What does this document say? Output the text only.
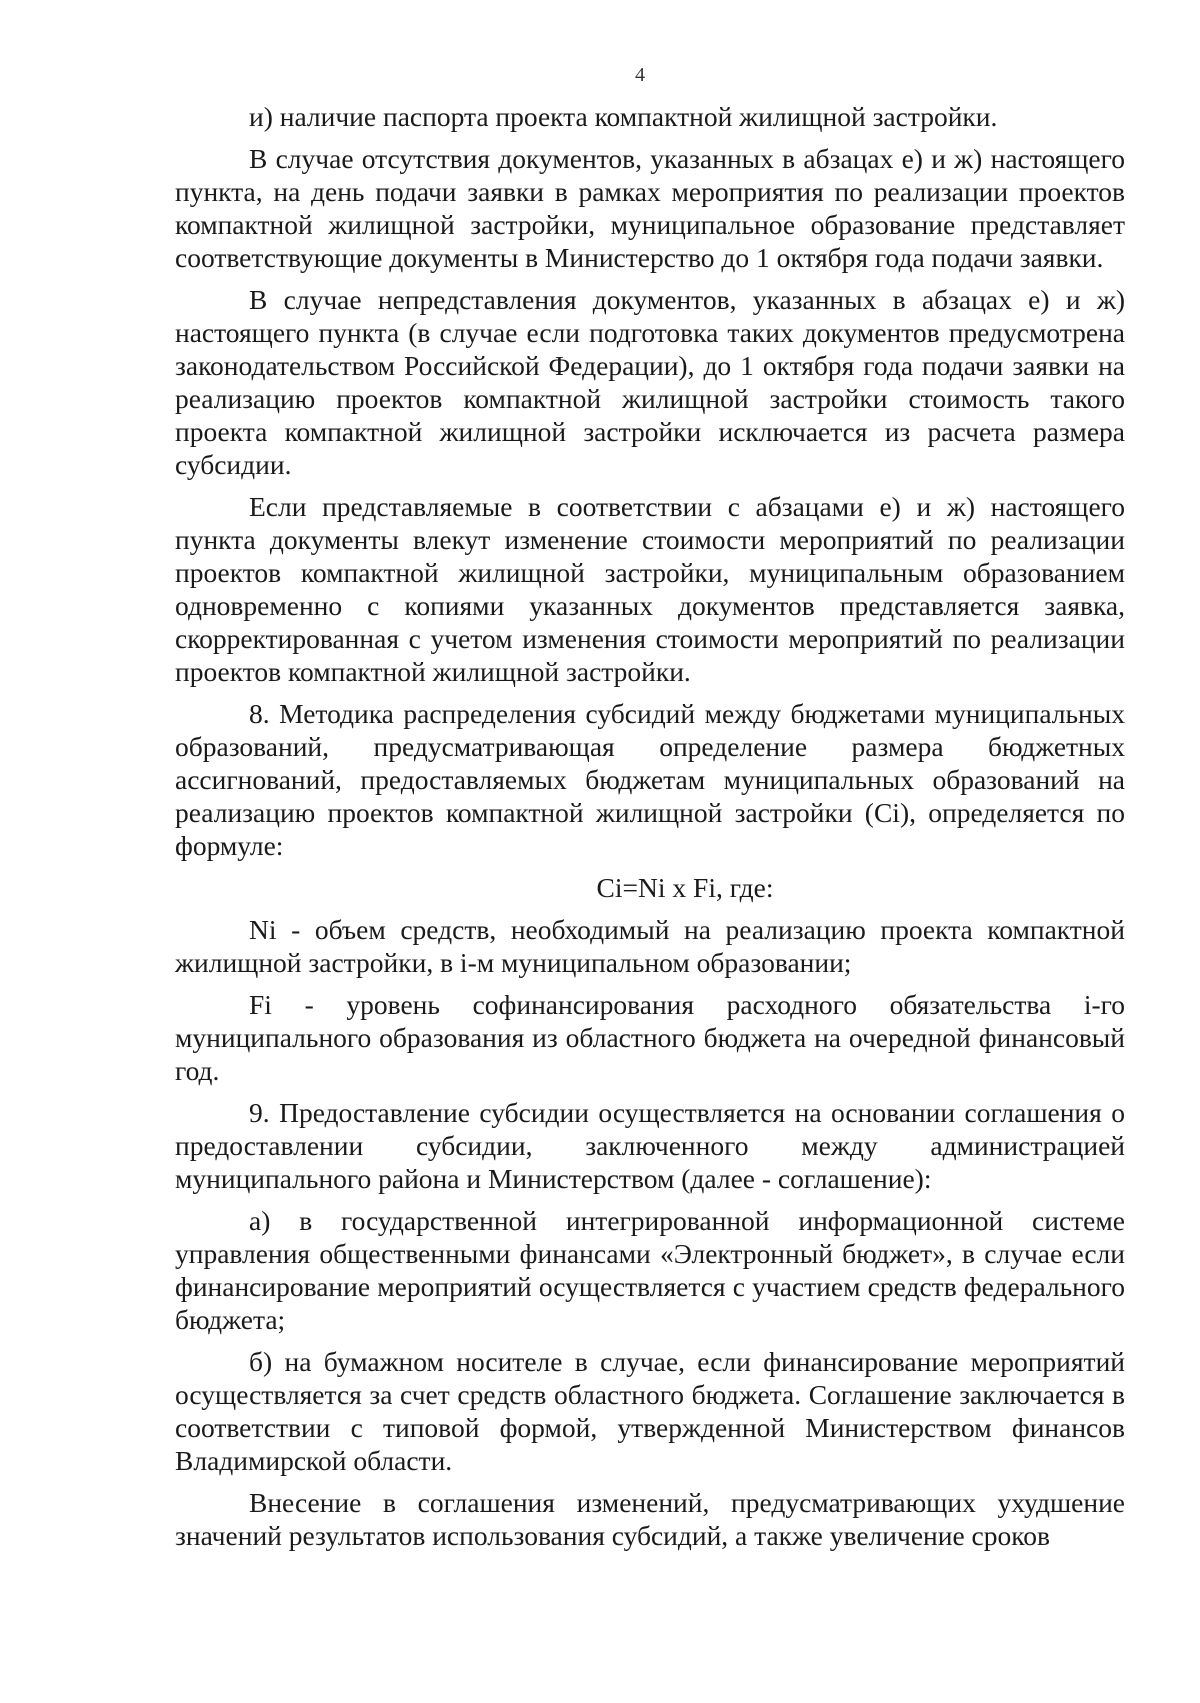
4

и) наличие паспорта проекта компактной жилищной застройки.

В случае отсутствия документов, указанных в абзацах е) и ж) настоящего пункта, на день подачи заявки в рамках мероприятия по реализации проектов компактной жилищной застройки, муниципальное образование представляет соответствующие документы в Министерство до 1 октября года подачи заявки.

В случае непредставления документов, указанных в абзацах е) и ж) настоящего пункта (в случае если подготовка таких документов предусмотрена законодательством Российской Федерации), до 1 октября года подачи заявки на реализацию проектов компактной жилищной застройки стоимость такого проекта компактной жилищной застройки исключается из расчета размера субсидии.

Если представляемые в соответствии с абзацами е) и ж) настоящего пункта документы влекут изменение стоимости мероприятий по реализации проектов компактной жилищной застройки, муниципальным образованием одновременно с копиями указанных документов представляется заявка, скорректированная с учетом изменения стоимости мероприятий по реализации проектов компактной жилищной застройки.

8. Методика распределения субсидий между бюджетами муниципальных образований, предусматривающая определение размера бюджетных ассигнований, предоставляемых бюджетам муниципальных образований на реализацию проектов компактной жилищной застройки (Сi), определяется по формуле:

Сi=Ni x Fi, где:

Ni - объем средств, необходимый на реализацию проекта компактной жилищной застройки, в i-м муниципальном образовании;

Fi - уровень софинансирования расходного обязательства i-го муниципального образования из областного бюджета на очередной финансовый год.

9. Предоставление субсидии осуществляется на основании соглашения о предоставлении субсидии, заключенного между администрацией муниципального района и Министерством (далее - соглашение):

а) в государственной интегрированной информационной системе управления общественными финансами «Электронный бюджет», в случае если финансирование мероприятий осуществляется с участием средств федерального бюджета;

б) на бумажном носителе в случае, если финансирование мероприятий осуществляется за счет средств областного бюджета. Соглашение заключается в соответствии с типовой формой, утвержденной Министерством финансов Владимирской области.

Внесение в соглашения изменений, предусматривающих ухудшение значений результатов использования субсидий, а также увеличение сроков
